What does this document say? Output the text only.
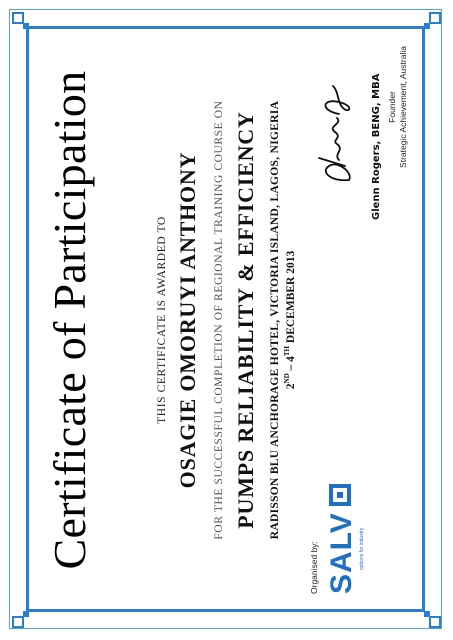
Certificate of Participation	THIS CERTIFICATE IS AWARDED TO OSAGIE OMORUYI ANTHONY FOR THE SUCCESSFUL COMPLETION OF REGIONAL TRAINING COURSE ON PUMPS RELIABILITY & EFFICIENCY RADISSON BLU ANCHORAGE HOTEL, VICTORIA ISLAND, LAGOS, NIGERIA 2ND – 4TH DECEMBER 2013
Organised by: SALV options for industry
Glenn Rogers, BENG, MBA Founder Strategic Achievement, Australia
